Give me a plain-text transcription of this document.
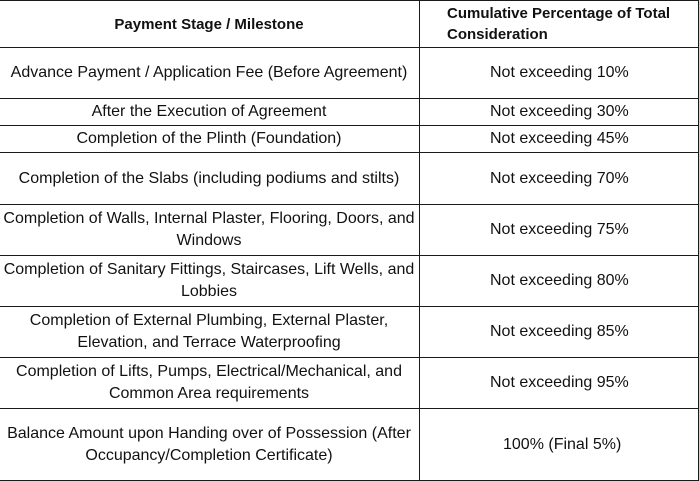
Payment Stage / Milestone	Cumulative Percentage of Total Consideration
Advance Payment / Application Fee (Before Agreement)	Not exceeding 10%
After the Execution of Agreement	Not exceeding 30%
Completion of the Plinth (Foundation)	Not exceeding 45%
Completion of the Slabs (including podiums and stilts)	Not exceeding 70%
Completion of Walls, Internal Plaster, Flooring, Doors, and Windows	Not exceeding 75%
Completion of Sanitary Fittings, Staircases, Lift Wells, and Lobbies	Not exceeding 80%
Completion of External Plumbing, External Plaster, Elevation, and Terrace Waterproofing	Not exceeding 85%
Completion of Lifts, Pumps, Electrical/Mechanical, and Common Area requirements	Not exceeding 95%
Balance Amount upon Handing over of Possession (After Occupancy/Completion Certificate)	100% (Final 5%)
